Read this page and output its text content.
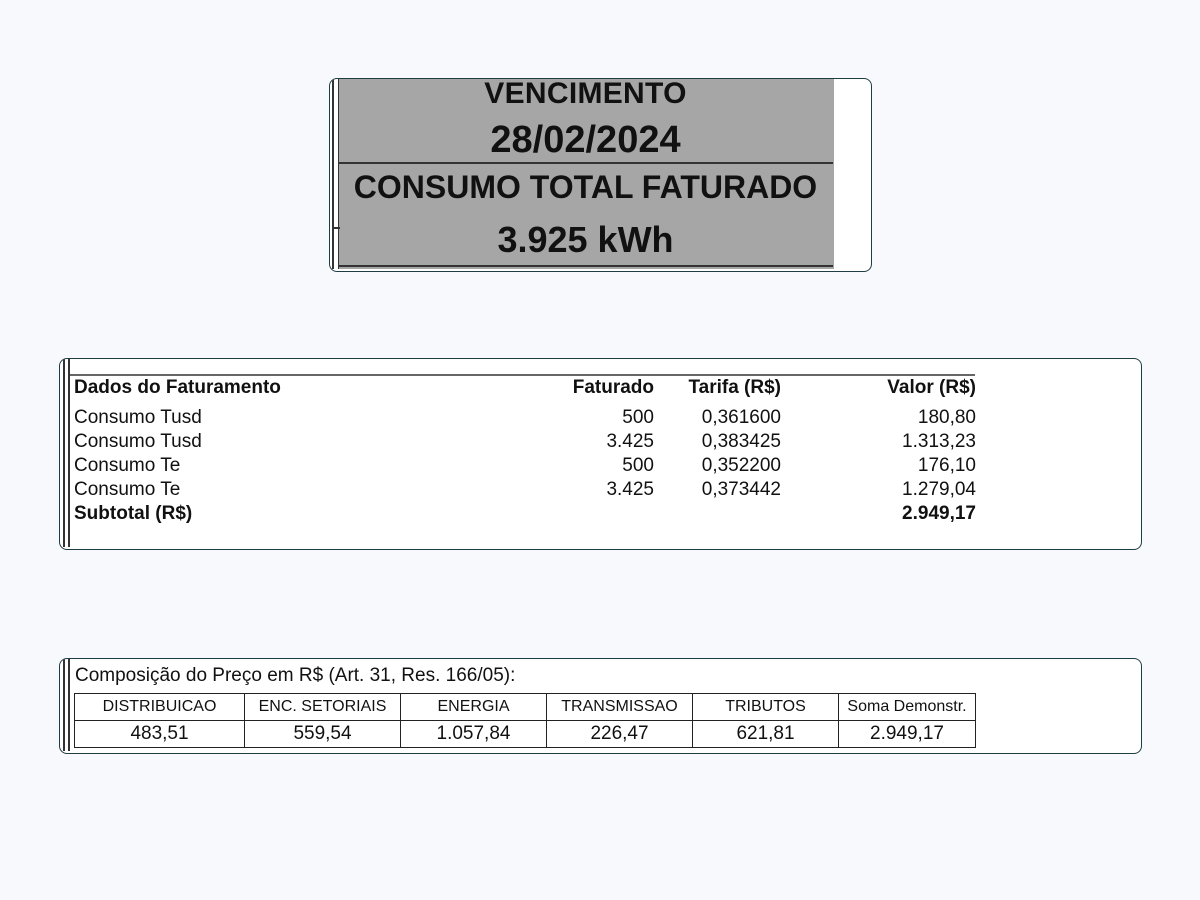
VENCIMENTO
28/02/2024
CONSUMO TOTAL FATURADO
3.925 kWh
Dados do Faturamento	Faturado	Tarifa (R$)	Valor (R$)
Consumo Tusd	500	0,361600	180,80
Consumo Tusd	3.425	0,383425	1.313,23
Consumo Te	500	0,352200	176,10
Consumo Te	3.425	0,373442	1.279,04
Subtotal (R$)			2.949,17
Composição do Preço em R$ (Art. 31, Res. 166/05):
DISTRIBUICAO	ENC. SETORIAIS	ENERGIA	TRANSMISSAO	TRIBUTOS	Soma Demonstr.
483,51	559,54	1.057,84	226,47	621,81	2.949,17
